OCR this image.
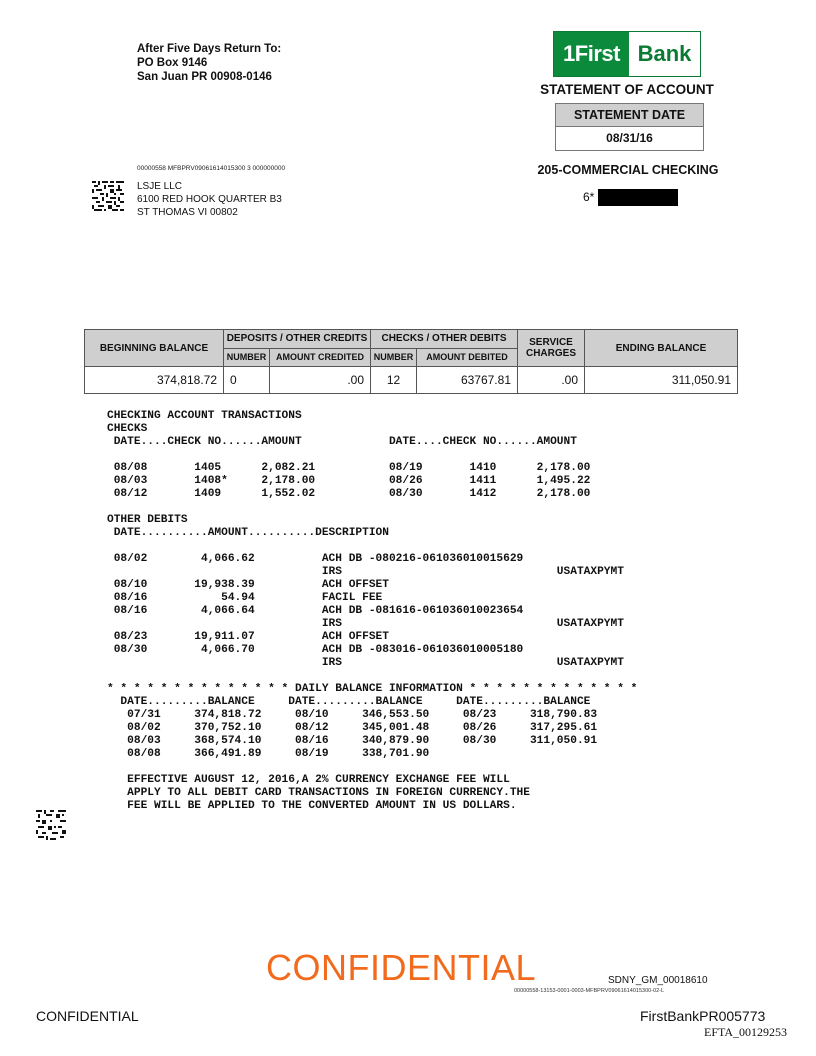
After Five Days Return To:
PO Box 9146
San Juan PR 00908-0146
1First Bank
STATEMENT OF ACCOUNT
STATEMENT DATE
08/31/16
205-COMMERCIAL CHECKING
6*
00000558 MFBPRV09061614015300 3 000000000
LSJE LLC
6100 RED HOOK QUARTER B3
ST THOMAS VI 00802
BEGINNING BALANCE	DEPOSITS / OTHER CREDITS		CHECKS / OTHER DEBITS		SERVICE CHARGES	ENDING BALANCE
	NUMBER	AMOUNT CREDITED	NUMBER	AMOUNT DEBITED		
374,818.72	0	.00	12	63767.81	.00	311,050.91
CHECKING ACCOUNT TRANSACTIONS
CHECKS
DATE....CHECK NO......AMOUNT             DATE....CHECK NO......AMOUNT
08/08       1405      2,082.21           08/19       1410      2,178.00
08/03       1408*     2,178.00           08/26       1411      1,495.22
08/12       1409      1,552.02           08/30       1412      2,178.00
OTHER DEBITS
DATE..........AMOUNT..........DESCRIPTION
08/02        4,066.62          ACH DB -080216-061036010015629
IRS                                USATAXPYMT
08/10       19,938.39          ACH OFFSET
08/16           54.94          FACIL FEE
08/16        4,066.64          ACH DB -081616-061036010023654
IRS                                USATAXPYMT
08/23       19,911.07          ACH OFFSET
08/30        4,066.70          ACH DB -083016-061036010005180
IRS                                USATAXPYMT
* * * * * * * * * * * * * * DAILY BALANCE INFORMATION * * * * * * * * * * * * *
DATE.........BALANCE     DATE.........BALANCE     DATE.........BALANCE
07/31     374,818.72     08/10     346,553.50     08/23     318,790.83
08/02     370,752.10     08/12     345,001.48     08/26     317,295.61
08/03     368,574.10     08/16     340,879.90     08/30     311,050.91
08/08     366,491.89     08/19     338,701.90
EFFECTIVE AUGUST 12, 2016,A 2% CURRENCY EXCHANGE FEE WILL
APPLY TO ALL DEBIT CARD TRANSACTIONS IN FOREIGN CURRENCY.THE
FEE WILL BE APPLIED TO THE CONVERTED AMOUNT IN US DOLLARS.
CONFIDENTIAL	SDNY_GM_00018610
00000558-13153-0001-0003-MFBPRV09061614015300-02-L
CONFIDENTIAL	FirstBankPR005773
EFTA_00129253
